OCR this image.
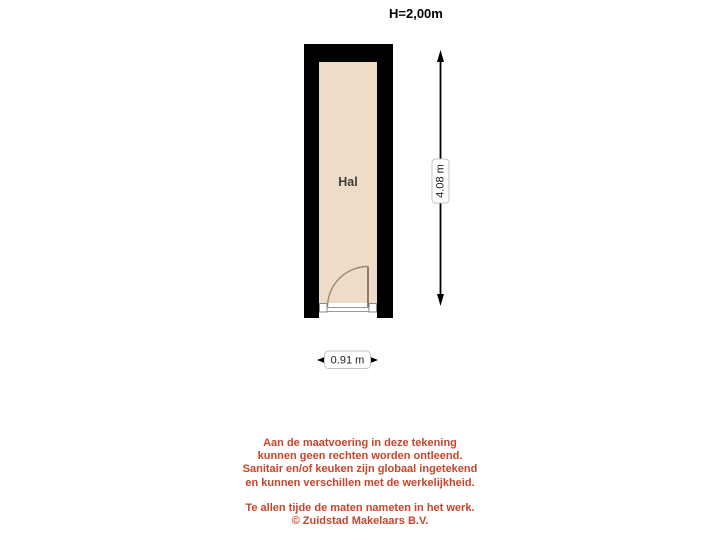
H=2,00m
Hal	4.08 m
0.91 m
Aan de maatvoering in deze tekening
kunnen geen rechten worden ontleend.
Sanitair en/of keuken zijn globaal ingetekend
en kunnen verschillen met de werkelijkheid.
Te allen tijde de maten nameten in het werk.
© Zuidstad Makelaars B.V.
